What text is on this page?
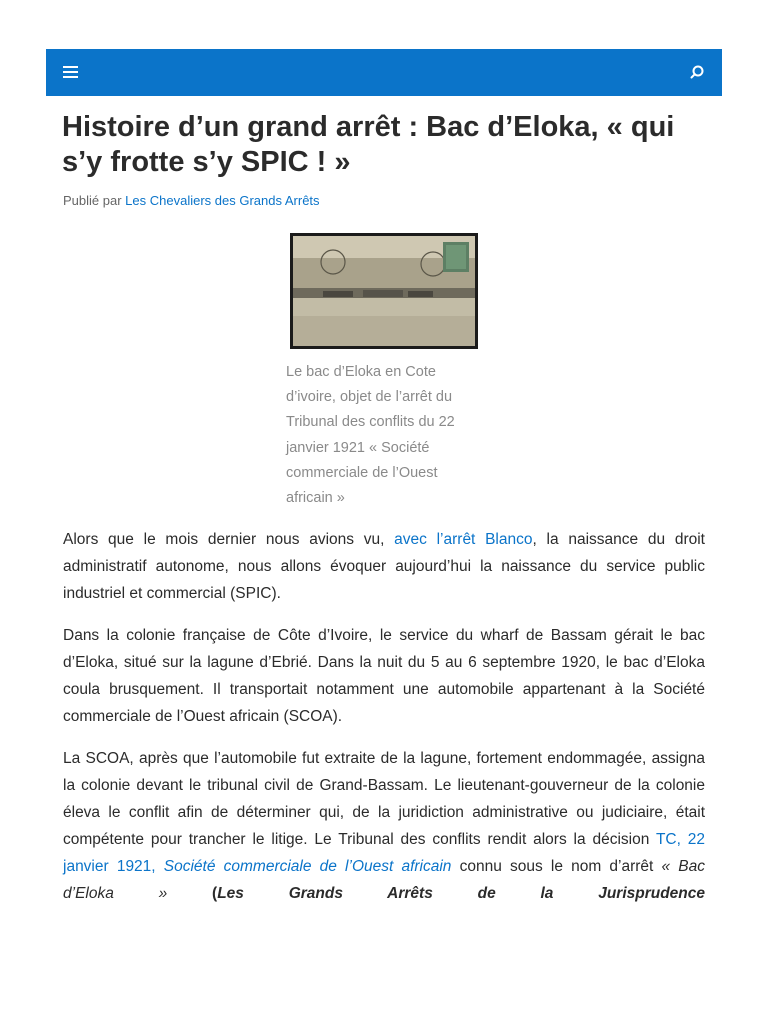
Histoire d’un grand arrêt : Bac d’Eloka, « qui s’y frotte s’y SPIC ! »
Publié par Les Chevaliers des Grands Arrêts
Le bac d’Eloka en Cote d’ivoire, objet de l’arrêt du Tribunal des conflits du 22 janvier 1921 « Société commerciale de l’Ouest africain »

Alors que le mois dernier nous avions vu, avec l’arrêt Blanco, la naissance du droit administratif autonome, nous allons évoquer aujourd’hui la naissance du service public industriel et commercial (SPIC).

Dans la colonie française de Côte d’Ivoire, le service du wharf de Bassam gérait le bac d’Eloka, situé sur la lagune d’Ebrié. Dans la nuit du 5 au 6 septembre 1920, le bac d’Eloka coula brusquement. Il transportait notamment une automobile appartenant à la Société commerciale de l’Ouest africain (SCOA).

La SCOA, après que l’automobile fut extraite de la lagune, fortement endommagée, assigna la colonie devant le tribunal civil de Grand-Bassam. Le lieutenant-gouverneur de la colonie éleva le conflit afin de déterminer qui, de la juridiction administrative ou judiciaire, était compétente pour trancher le litige. Le Tribunal des conflits rendit alors la décision TC, 22 janvier 1921, Société commerciale de l’Ouest africain connu sous le nom d’arrêt « Bac d’Eloka » (Les Grands Arrêts de la Jurisprudence
